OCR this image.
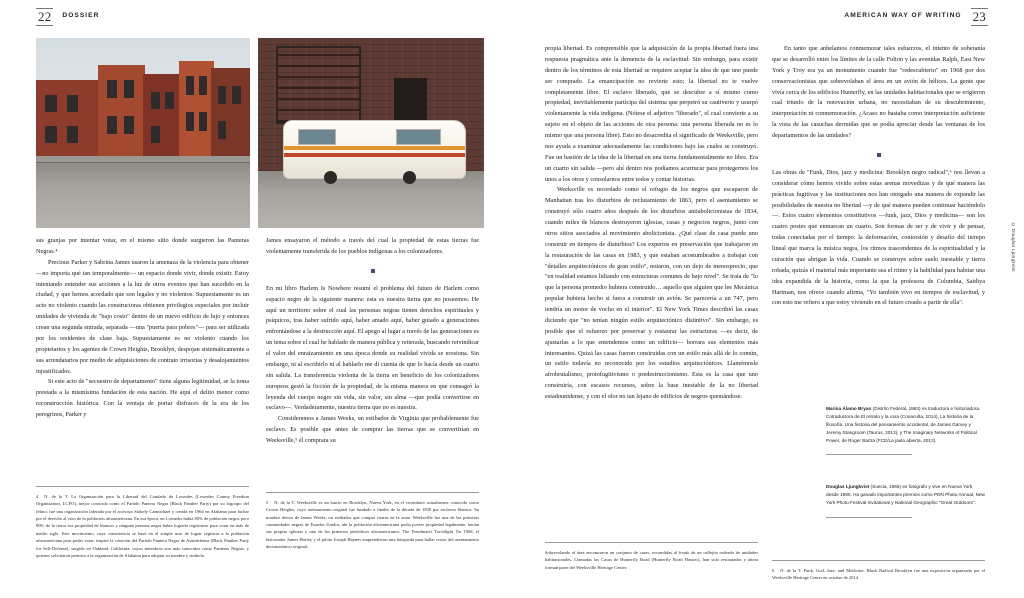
22	DOSSIER	AMERICAN WAY OF WRITING 23
© Douglas Ljungkvist

sus granjas por intentar votar, en el mismo sitio donde surgieron las Panteras Negras.⁴

Precious Parker y Sabrina James usaron la amenaza de la violencia para obtener —no importa qué tan temporalmente— un espacio donde vivir, donde existir. Estoy intentando entender sus acciones a la luz de otros eventos que han sucedido en la ciudad, y que hemos acordado que son legales y no violentos. Supuestamente es un acto no violento cuando las constructoras obtienen privilegios especiales por incluir unidades de vivienda de "bajo costo" dentro de un nuevo edificio de lujo y entonces crean una segunda entrada, separada —una "puerta para pobres"— para ser utilizada por los residentes de clase baja. Supuestamente es no violento cuando los propietarios y los agentes de Crown Heights, Brooklyn, despojan sistemáticamente a sus arrendatarios por medio de adquisiciones de contrato irrisorias y desalojamientos injustificados.

Si este acto de "secuestro de departamento" tiene alguna legitimidad, se la toma prestada a la mismísima fundación de esta nación. He aquí el delito menor como reconstrucción histórica. Con la ventaja de portar disfraces de la era de los peregrinos, Parker y

James ensayaron el método a través del cual la propiedad de estas tierras fue violentamente transferida de los pueblos indígenas a los colonizadores.

En mi libro Harlem Is Nowhere resumí el problema del futuro de Harlem como espacio negro de la siguiente manera: esta es nuestra tierra que no poseemos. He aquí un territorio sobre el cual las personas negras tienen derechos espirituales y psíquicos, tras haber sufrido aquí, haber amado aquí, haber guiado a generaciones enfrentándose a la destrucción aquí. El apego al lugar a través de las generaciones es un tema sobre el cual he hablado de manera pública y reiterada, buscando reivindicar el valor del enraizamiento en una época donde su realidad vivida se erosiona. Sin embargo, ni al escribirlo ni al hablarlo me di cuenta de que lo hacía desde un cuarto sin salida. La transferencia violenta de la tierra en beneficio de los colonizadores europeos gestó la ficción de la propiedad, de la misma manera en que consagró la leyenda del cuerpo negro sin vida, sin valor, sin alma —que podía convertirse en esclavo—. Verdaderamente, nuestra tierra que no es nuestra.

Consideremos a James Weeks, un estibador de Virginia que probablemente fue esclavo. Es posible que antes de comprar las tierras que se convertirían en Weeksville,⁵ él comprara su

propia libertad. Es comprensible que la adquisición de la propia libertad fuera una respuesta pragmática ante la demencia de la esclavitud. Sin embargo, para existir dentro de los términos de esta libertad se requiere aceptar la idea de que uno puede ser comprado. La emancipación no revierte esto; la libertad no te vuelve completamente libre. El esclavo liberado, que se descubre a sí mismo como propiedad, inevitablemente participa del sistema que perpetró su cautiverio y usurpó violentamente la vida indígena. (Nótese el adjetivo "liberado", el cual convierte a su sujeto en el objeto de las acciones de otra persona: una persona liberada no es lo mismo que una persona libre). Esto no desacredita el significado de Weeksville, pero nos ayuda a examinar adecuadamente las condiciones bajo las cuales se construyó. Fue un bastión de la idea de la libertad en una tierra fundamentalmente no libre. Era un cuarto sin salida —pero ahí dentro nos podíamos acurrucar para protegernos los unos a los otros y consolarnos entre todos y contar historias.

Weeksville es recordado como el refugio de los negros que escaparon de Manhattan tras los disturbios de reclutamiento de 1863, pero el asentamiento se construyó sólo cuatro años después de los disturbios antiabolicionistas de 1834, cuando miles de blancos destruyeron iglesias, casas y negocios negros, junto con otros sitios asociados al movimiento abolicionista. ¿Qué clase de casa puede uno construir en tiempos de disturbios? Los expertos en preservación que trabajaron en la restauración de las casas en 1983, y que estaban acostumbrados a trabajar con "detalles arquitectónicos de gran estilo", notaron, con un dejo de menosprecio, que "en realidad estamos lidiando con estructuras comunes de bajo nivel". Se trata de "lo que la persona promedio hubiera construido… aquello que alguien que lee Mecánica popular hubiera hecho si fuera a construir un avión. Se parecería a un 747, pero tendría un motor de vocho en el interior". El New York Times describió las casas diciendo que "no tenían ningún estilo arquitectónico distintivo". Sin embargo, es posible que el esfuerzo por preservar y restaurar las estructuras —es decir, de ajustarlas a lo que entendemos como un edificio— borrara sus elementos más interesantes. Quizá las casas fueron construidas con un estilo más allá de lo común, un estilo todavía no reconocido por los estudios arquitectónicos. Llamémosle afrobrutalismo, protofugitivismo o predestruccionismo. Esta es la casa que uno construiría, con escasos recursos, sobre la base inestable de la no libertad estadounidense, y con el olor no tan lejano de edificios de negros quemándose.

En tanto que anhelamos conmemorar tales esfuerzos, el intento de soberanía que se desarrolló entre los límites de la calle Fulton y las avenidas Ralph, East New York y Troy era ya un monumento cuando fue "redescubierto" en 1968 por dos conservacionistas que sobrevolaban el área en un avión de hélices. La gente que vivía cerca de los edificios Hunterfly, en las unidades habitacionales que se erigieron cual triunfo de la renovación urbana, no necesitaban de su descubrimiento, interpretación ni conmemoración. ¿Acaso no bastaba como interpretación suficiente la vista de las casuchas derruidas que se podía apreciar desde las ventanas de los departamentos de las unidades?

Las obras de "Funk, Dios, jazz y medicina: Brooklyn negro radical",⁶ nos llevan a considerar cómo hemos vivido sobre estas arenas movedizas y de qué manera las prácticas fugitivas y las instituciones nos han otorgado una manera de expandir las posibilidades de nuestra no libertad —y de qué manera pueden continuar haciéndolo—. Estos cuatro elementos constitutivos —funk, jazz, Dios y medicina— son los cuatro postes que enmarcan un cuarto. Son formas de ser y de vivir y de pensar, todas conectadas por el tiempo: la deformación, contorsión y desafío del tiempo lineal que marca la música negra, los ritmos trascendentes de la espiritualidad y la curación que abrigan la vida. Cuando se construye sobre suelo inestable y tierra robada, quizás el material más importante sea el ritmo y la habilidad para habitar una idea expandida de la historia, como la que la profesora de Columbia, Saidiya Hartman, nos ofrece cuando afirma, "Yo también vivo en tiempos de esclavitud, y con esto me refiero a que estoy viviendo en el futuro creado a partir de ella".

4 N. de la T. La Organización para la Libertad del Condado de Lowndes (Lowndes County Freedom Organization, LCFO), mejor conocida como el Partido Pantera Negra (Black Panther Party) por su logotipo del felino, fue una organización liderada por el activista Stokely Carmichael y creada en 1964 en Alabama para luchar por el derecho al voto de la población afroamericana. En esa época, en Lowndes había 80% de población negra, pero 90% de la tierra era propiedad de blancos y ninguna persona negra había logrado registrarse para votar en más de medio siglo. Este movimiento, cuya consistencia se basó en el simple acto de lograr registrar a la población afroamericana para poder votar, inspiró la creación del Partido Pantera Negra de Autodefensa (Black Panther Party for Self-Defense), surgido en Oakland, California, cuyos miembros son más conocidos como Panteras Negras, y quienes solicitaron permiso a la organización de Alabama para adoptar su nombre y símbolo.
5 N. de la T. Weeksville es un barrio en Brooklyn, Nueva York, en el vecindario actualmente conocido como Crown Heights, cuyo asentamiento original fue fundado a finales de la década de 1830 por esclavos libertos. Su nombre deriva de James Weeks, un estibador que compró tierras en la zona. Weeksville fue una de las primeras comunidades negras de Estados Unidos, ahí la población afroamericana podía poseer propiedad legalmente, tenían sus propias iglesias y uno de los primeros periódicos afroamericanos, The Freedman's Torchlight. En 1968, el historiador James Hurley y el piloto Joseph Haynes emprendieron una búsqueda para hallar restos del asentamiento decimonónico original.
Sobrevolando el área encontraron un conjunto de casas, escondidas al fondo de un callejón rodeado de unidades habitacionales. Llamadas las Casas de Hunterfly Road (Hunterfly Road Houses), han sido restauradas y ahora forman parte del Weeksville Heritage Center.
6 N. de la T. Funk, God, Jazz, and Medicine: Black Radical Brooklyn fue una exposición organizada por el Weeksville Heritage Center en octubre de 2014.
Marina Álamo Bryan (Distrito Federal, 1983) es traductora e historiadora. Cotraductora de El retrato y la rosa (Conaculta, 2014), La historia de la filosofía. Una historia del pensamiento occidental, de James Garvey y Jeremy Stangroom (Taurus, 2013), y The Imaginary Networks of Political Power, de Roger Bartra (FCE/La jaula abierta, 2013).
Douglas Ljungkvist (Suecia, 1965) es fotógrafo y vive en Nueva York desde 1990. Ha ganado importantes premios como PDN Photo Annual, New York Photo Festival Invitational y National Geographic "Great Outdoors".
